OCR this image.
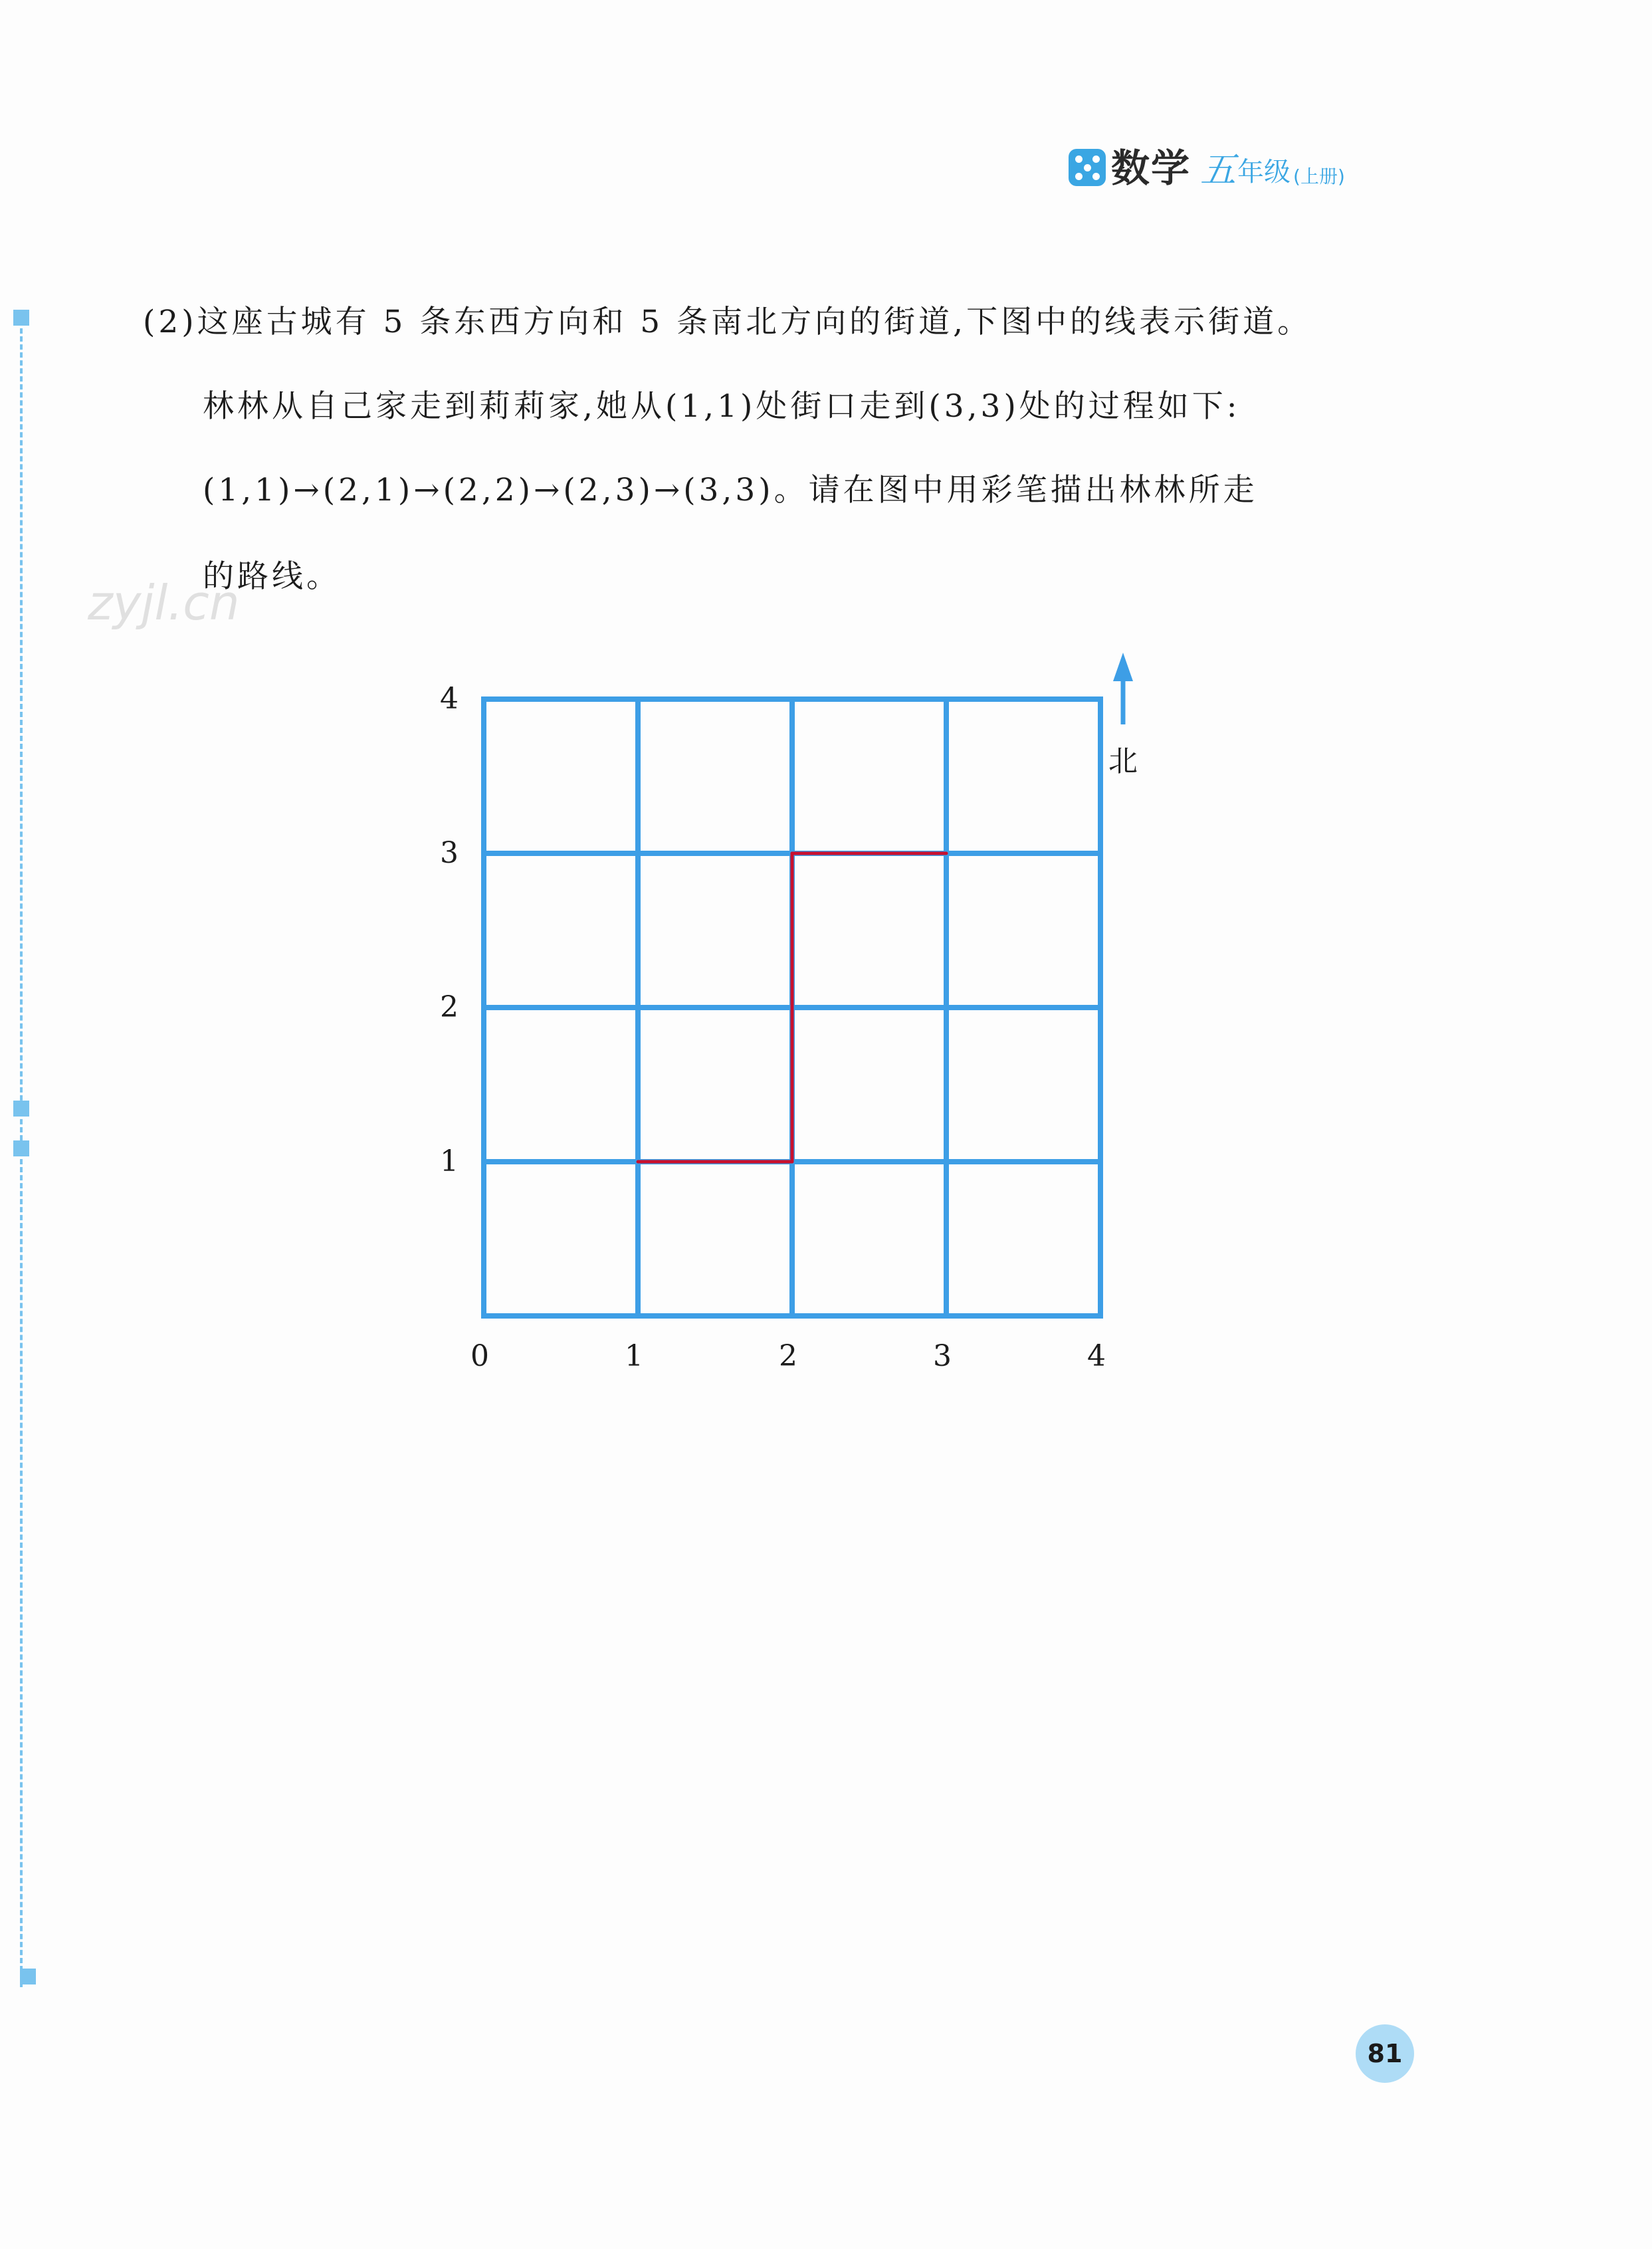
数学 五 年级 (上册)
(2)这座古城有 5 条东西方向和 5 条南北方向的街道,下图中的线表示街道。
林林从自己家走到莉莉家,她从(1,1)处街口走到(3,3)处的过程如下:
(1,1)→(2,1)→(2,2)→(2,3)→(3,3)。请在图中用彩笔描出林林所走
的路线。
zyjl.cn
0	1	2	3	4
1
2
3
4
北
81
